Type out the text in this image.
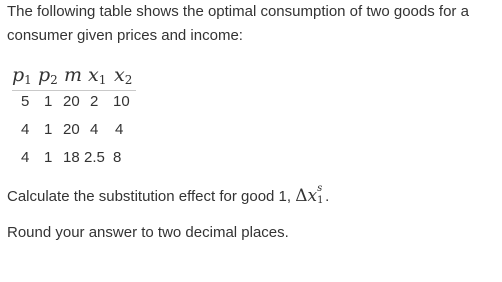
The following table shows the optimal consumption of two goods for a consumer given prices and income:

$p_1$ $p_2$ m $x_1$ $x_2$

5

1

20

2

10

4

1

20

4

4

4

1

18

2.5

8

Calculate the substitution effect for good 1, Δx s
1 .

Round your answer to two decimal places.
